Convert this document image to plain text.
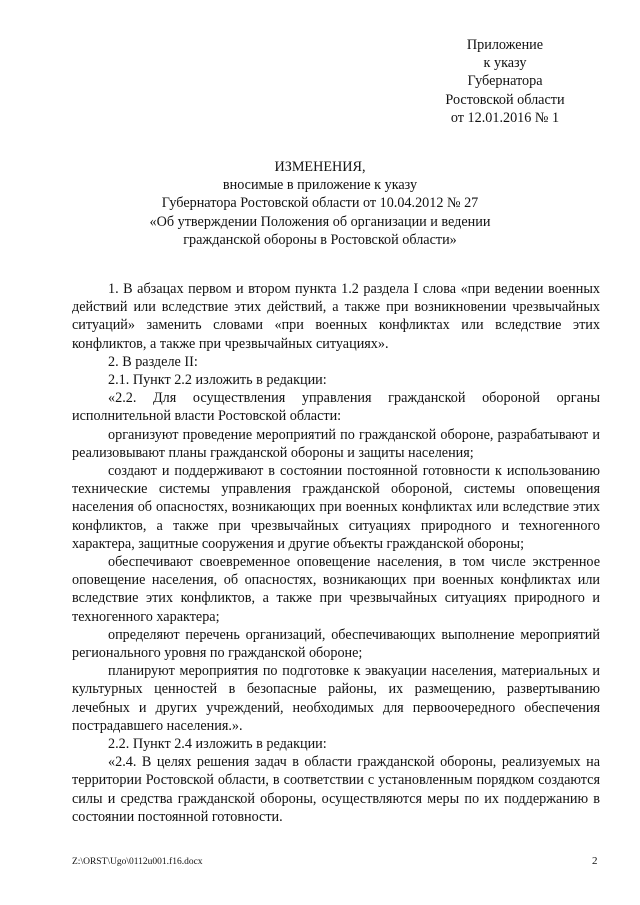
Приложение
к указу
Губернатора
Ростовской области
от 12.01.2016 № 1
ИЗМЕНЕНИЯ,
вносимые в приложение к указу
Губернатора Ростовской области от 10.04.2012 № 27
«Об утверждении Положения об организации и ведении
гражданской обороны в Ростовской области»

1. В абзацах первом и втором пункта 1.2 раздела I слова «при ведении военных действий или вследствие этих действий, а также при возникновении чрезвычайных ситуаций» заменить словами «при военных конфликтах или вследствие этих конфликтов, а также при чрезвычайных ситуациях».

2. В разделе II:

2.1. Пункт 2.2 изложить в редакции:

«2.2. Для осуществления управления гражданской обороной органы исполнительной власти Ростовской области:

организуют проведение мероприятий по гражданской обороне, разрабатывают и реализовывают планы гражданской обороны и защиты населения;

создают и поддерживают в состоянии постоянной готовности к использованию технические системы управления гражданской обороной, системы оповещения населения об опасностях, возникающих при военных конфликтах или вследствие этих конфликтов, а также при чрезвычайных ситуациях природного и техногенного характера, защитные сооружения и другие объекты гражданской обороны;

обеспечивают своевременное оповещение населения, в том числе экстренное оповещение населения, об опасностях, возникающих при военных конфликтах или вследствие этих конфликтов, а также при чрезвычайных ситуациях природного и техногенного характера;

определяют перечень организаций, обеспечивающих выполнение мероприятий регионального уровня по гражданской обороне;

планируют мероприятия по подготовке к эвакуации населения, материальных и культурных ценностей в безопасные районы, их размещению, развертыванию лечебных и других учреждений, необходимых для первоочередного обеспечения пострадавшего населения.».

2.2. Пункт 2.4 изложить в редакции:

«2.4. В целях решения задач в области гражданской обороны, реализуемых на территории Ростовской области, в соответствии с установленным порядком создаются силы и средства гражданской обороны, осуществляются меры по их поддержанию в состоянии постоянной готовности.

Z:\ORST\Ugo\0112u001.f16.docx	2
